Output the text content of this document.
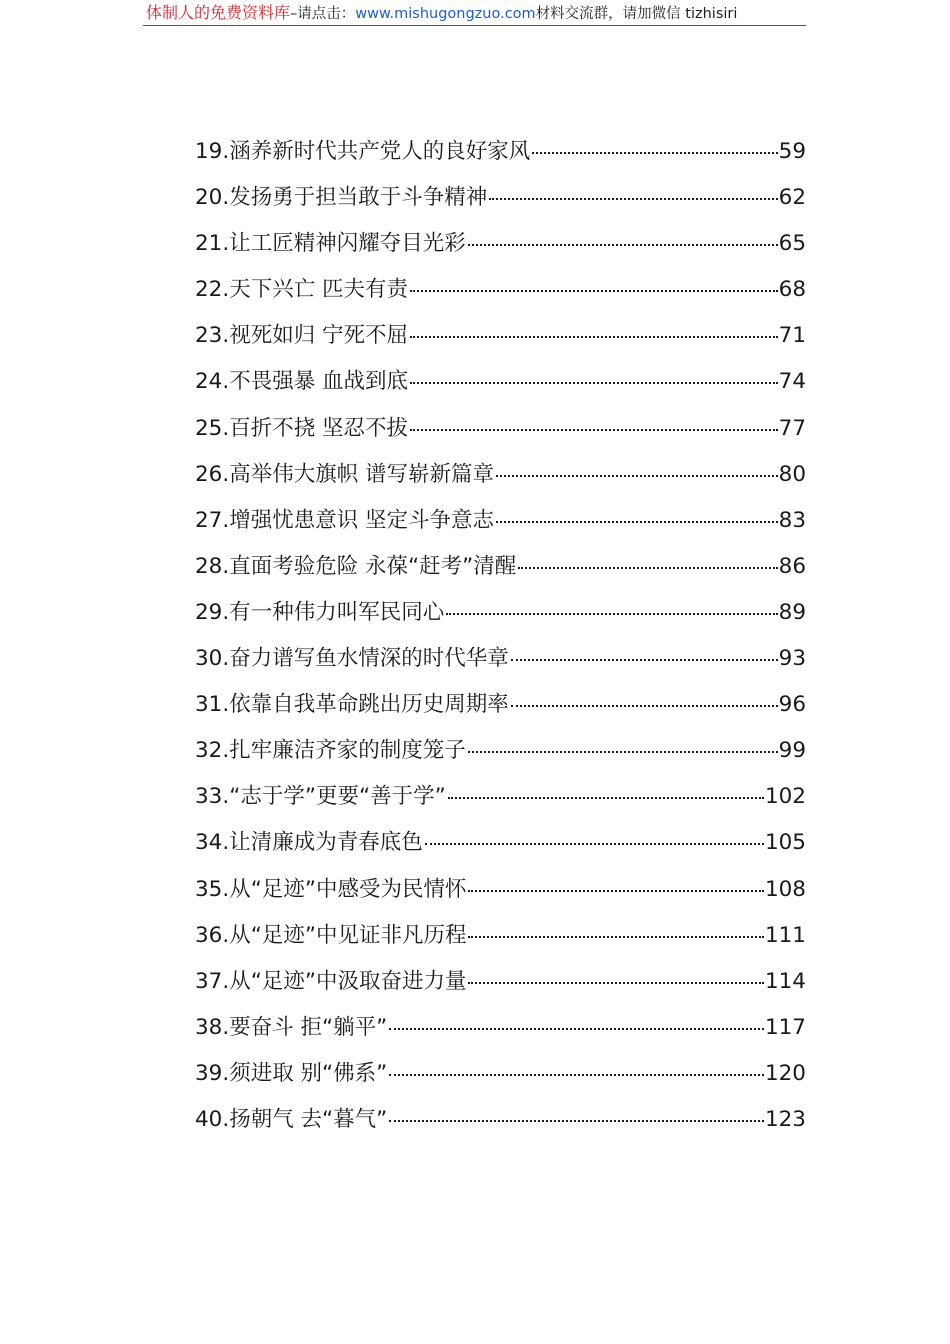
体制人的免费资料库–请点击：www.mishugongzuo.com材料交流群，请加微信 tizhisiri
19.涵养新时代共产党人的良好家风	59
20.发扬勇于担当敢于斗争精神	62
21.让工匠精神闪耀夺目光彩	65
22.天下兴亡 匹夫有责	68
23.视死如归 宁死不屈	71
24.不畏强暴 血战到底	74
25.百折不挠 坚忍不拔	77
26.高举伟大旗帜 谱写崭新篇章	80
27.增强忧患意识 坚定斗争意志	83
28.直面考验危险 永葆“赶考”清醒	86
29.有一种伟力叫军民同心	89
30.奋力谱写鱼水情深的时代华章	93
31.依靠自我革命跳出历史周期率	96
32.扎牢廉洁齐家的制度笼子	99
33.“志于学”更要“善于学”	102
34.让清廉成为青春底色	105
35.从“足迹”中感受为民情怀	108
36.从“足迹”中见证非凡历程	111
37.从“足迹”中汲取奋进力量	114
38.要奋斗 拒“躺平”	117
39.须进取 别“佛系”	120
40.扬朝气 去“暮气”	123
